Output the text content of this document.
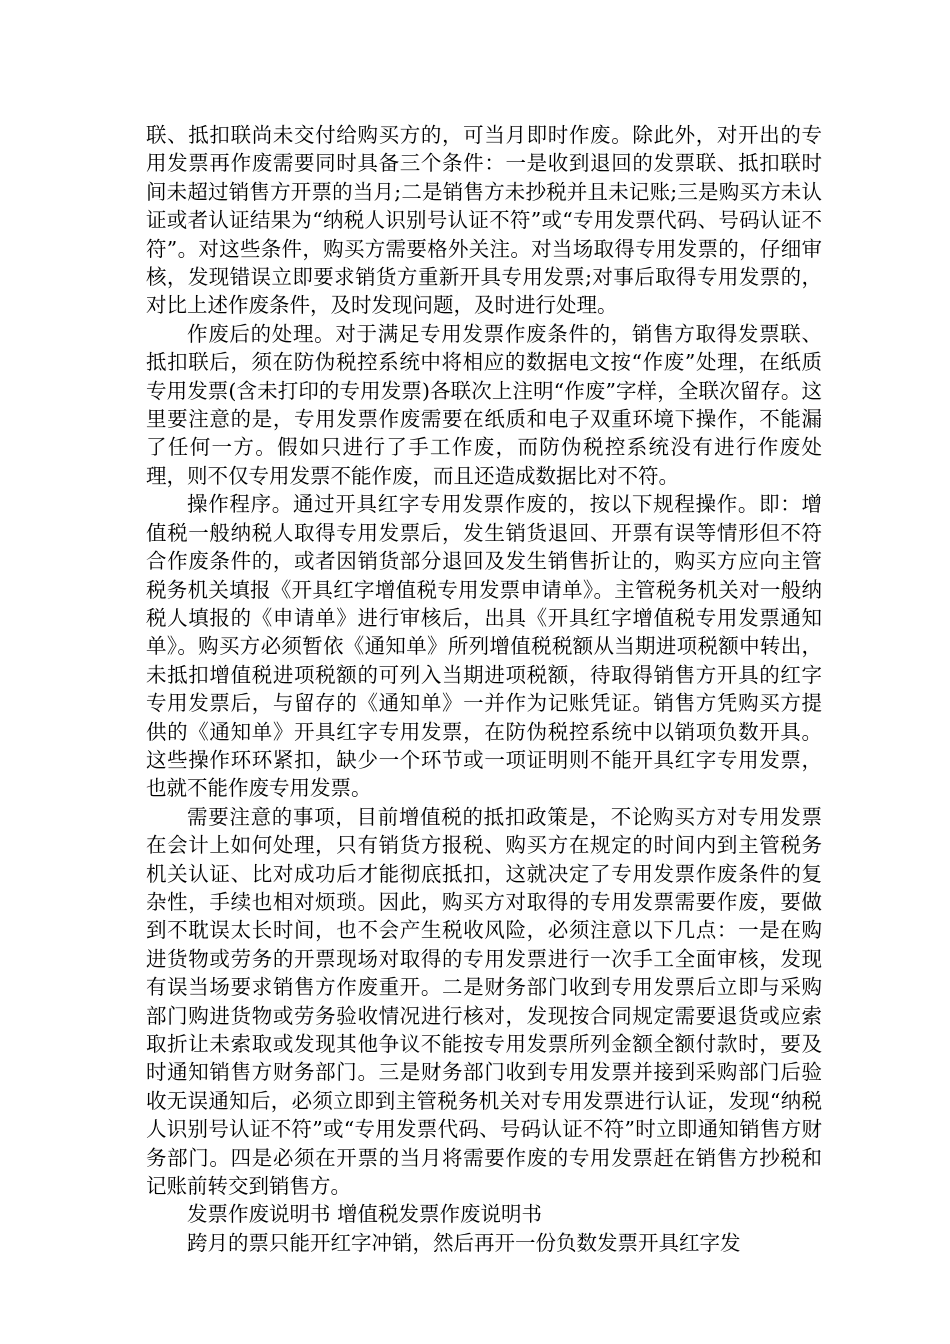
联、抵扣联尚未交付给购买方的，可当月即时作废。除此外，对开出的专用发票再作废需要同时具备三个条件：一是收到退回的发票联、抵扣联时间未超过销售方开票的当月;二是销售方未抄税并且未记账;三是购买方未认证或者认证结果为“纳税人识别号认证不符”或“专用发票代码、号码认证不符”。对这些条件，购买方需要格外关注。对当场取得专用发票的，仔细审核，发现错误立即要求销货方重新开具专用发票;对事后取得专用发票的，对比上述作废条件，及时发现问题，及时进行处理。

作废后的处理。对于满足专用发票作废条件的，销售方取得发票联、抵扣联后，须在防伪税控系统中将相应的数据电文按“作废”处理，在纸质专用发票(含未打印的专用发票)各联次上注明“作废”字样，全联次留存。这里要注意的是，专用发票作废需要在纸质和电子双重环境下操作，不能漏了任何一方。假如只进行了手工作废，而防伪税控系统没有进行作废处理，则不仅专用发票不能作废，而且还造成数据比对不符。

操作程序。通过开具红字专用发票作废的，按以下规程操作。即：增值税一般纳税人取得专用发票后，发生销货退回、开票有误等情形但不符合作废条件的，或者因销货部分退回及发生销售折让的，购买方应向主管税务机关填报《开具红字增值税专用发票申请单》。主管税务机关对一般纳税人填报的《申请单》进行审核后，出具《开具红字增值税专用发票通知单》。购买方必须暂依《通知单》所列增值税税额从当期进项税额中转出，未抵扣增值税进项税额的可列入当期进项税额，待取得销售方开具的红字专用发票后，与留存的《通知单》一并作为记账凭证。销售方凭购买方提供的《通知单》开具红字专用发票，在防伪税控系统中以销项负数开具。这些操作环环紧扣，缺少一个环节或一项证明则不能开具红字专用发票，也就不能作废专用发票。

需要注意的事项，目前增值税的抵扣政策是，不论购买方对专用发票在会计上如何处理，只有销货方报税、购买方在规定的时间内到主管税务机关认证、比对成功后才能彻底抵扣，这就决定了专用发票作废条件的复杂性，手续也相对烦琐。因此，购买方对取得的专用发票需要作废，要做到不耽误太长时间，也不会产生税收风险，必须注意以下几点：一是在购进货物或劳务的开票现场对取得的专用发票进行一次手工全面审核，发现有误当场要求销售方作废重开。二是财务部门收到专用发票后立即与采购部门购进货物或劳务验收情况进行核对，发现按合同规定需要退货或应索取折让未索取或发现其他争议不能按专用发票所列金额全额付款时，要及时通知销售方财务部门。三是财务部门收到专用发票并接到采购部门后验收无误通知后，必须立即到主管税务机关对专用发票进行认证，发现“纳税人识别号认证不符”或“专用发票代码、号码认证不符”时立即通知销售方财务部门。四是必须在开票的当月将需要作废的专用发票赶在销售方抄税和记账前转交到销售方。

发票作废说明书 增值税发票作废说明书

跨月的票只能开红字冲销，然后再开一份负数发票开具红字发
